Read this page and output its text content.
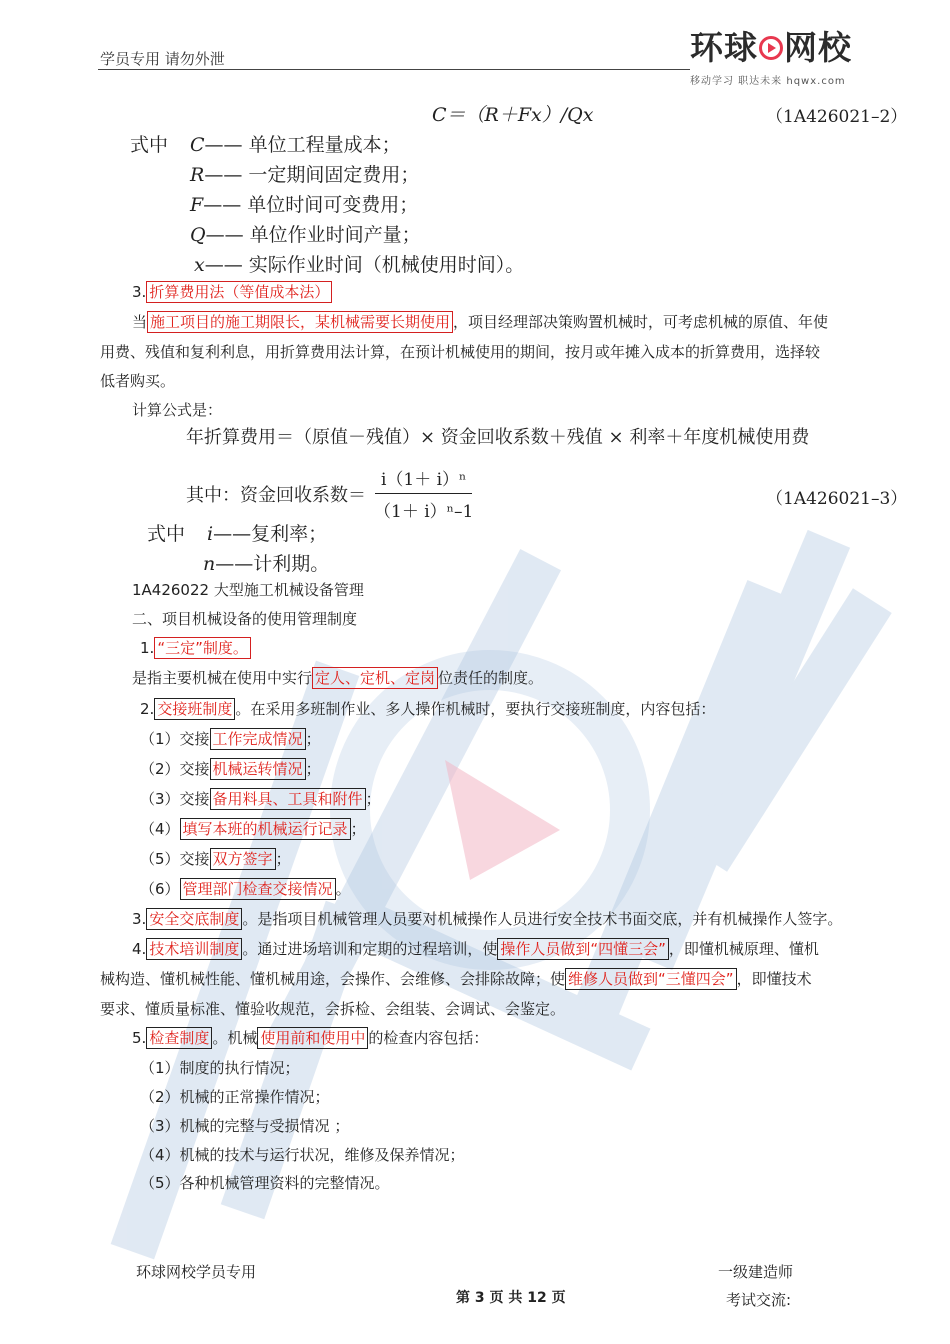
学员专用 请勿外泄	环球 网校
移动学习 职达未来 hqwx.com
C＝（R＋Fx）/Qx	（1A426021–2）
式中 C—— 单位工程量成本；
R—— 一定期间固定费用；
F—— 单位时间可变费用；
Q—— 单位作业时间产量；
x—— 实际作业时间（机械使用时间）。
3. 折算费用法（等值成本法）
当 施工项目的施工期限长，某机械需要长期使用 ，项目经理部决策购置机械时，可考虑机械的原值、年使
用费、残值和复利利息，用折算费用法计算，在预计机械使用的期间，按月或年摊入成本的折算费用，选择较
低者购买。
计算公式是：
年折算费用＝（原值－残值）× 资金回收系数＋残值 × 利率＋年度机械使用费
其中：资金回收系数＝ $\frac{\text{i（1＋ i）ⁿ}}{\text{（1＋ i）ⁿ–1}}$	（1A426021–3）
式中 i——复利率；
n——计利期。
1A426022 大型施工机械设备管理
二、项目机械设备的使用管理制度
1. “三定”制度。
是指主要机械在使用中实行 定人、定机、定岗 位责任的制度。
2. 交接班制度 。在采用多班制作业、多人操作机械时，要执行交接班制度，内容包括：
（1）交接 工作完成情况 ；
（2）交接 机械运转情况 ；
（3）交接 备用料具、工具和附件 ；
（4） 填写本班的机械运行记录 ；
（5）交接 双方签字 ；
（6） 管理部门检查交接情况 。
3. 安全交底制度 。是指项目机械管理人员要对机械操作人员进行安全技术书面交底，并有机械操作人签字。
4. 技术培训制度 。通过进场培训和定期的过程培训，使 操作人员做到“四懂三会” ，即懂机械原理、懂机
械构造、懂机械性能、懂机械用途，会操作、会维修、会排除故障；使 维修人员做到“三懂四会” ，即懂技术
要求、懂质量标准、懂验收规范，会拆检、会组装、会调试、会鉴定。
5. 检查制度 。机械 使用前和使用中 的检查内容包括：
（1）制度的执行情况；
（2）机械的正常操作情况；
（3）机械的完整与受损情况 ；
（4）机械的技术与运行状况，维修及保养情况；
（5）各种机械管理资料的完整情况。
环球网校学员专用	一级建造师
第 3 页 共 12 页	考试交流:
